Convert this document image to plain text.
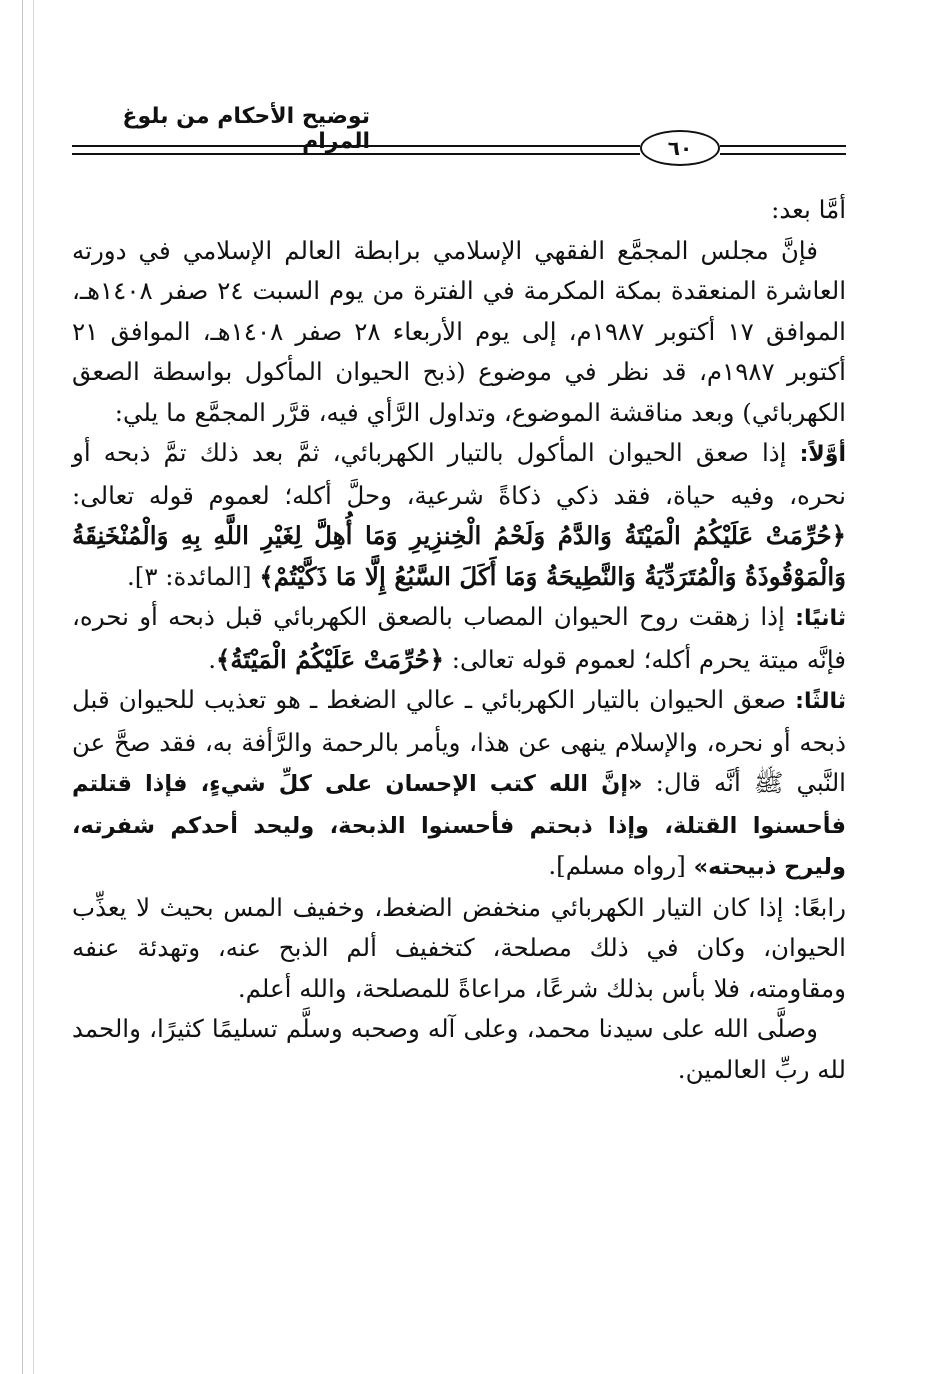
توضيح الأحكام من بلوغ المرام	٦٠

أمَّا بعد:

فإنَّ مجلس المجمَّع الفقهي الإسلامي برابطة العالم الإسلامي في دورته العاشرة المنعقدة بمكة المكرمة في الفترة من يوم السبت ٢٤ صفر ١٤٠٨هـ، الموافق ١٧ أكتوبر ١٩٨٧م، إلى يوم الأربعاء ٢٨ صفر ١٤٠٨هـ، الموافق ٢١ أكتوبر ١٩٨٧م، قد نظر في موضوع (ذبح الحيوان المأكول بواسطة الصعق الكهربائي) وبعد مناقشة الموضوع، وتداول الرَّأي فيه، قرَّر المجمَّع ما يلي:

أوَّلاً: إذا صعق الحيوان المأكول بالتيار الكهربائي، ثمَّ بعد ذلك تمَّ ذبحه أو نحره، وفيه حياة، فقد ذكي ذكاةً شرعية، وحلَّ أكله؛ لعموم قوله تعالى: ﴿حُرِّمَتْ عَلَيْكُمُ الْمَيْتَةُ وَالدَّمُ وَلَحْمُ الْخِنزِيرِ وَمَا أُهِلَّ لِغَيْرِ اللَّهِ بِهِ وَالْمُنْخَنِقَةُ وَالْمَوْقُوذَةُ وَالْمُتَرَدِّيَةُ وَالنَّطِيحَةُ وَمَا أَكَلَ السَّبُعُ إِلَّا مَا ذَكَّيْتُمْ﴾ [المائدة: ٣].

ثانيًا: إذا زهقت روح الحيوان المصاب بالصعق الكهربائي قبل ذبحه أو نحره، فإنَّه ميتة يحرم أكله؛ لعموم قوله تعالى: ﴿حُرِّمَتْ عَلَيْكُمُ الْمَيْتَةُ﴾.

ثالثًا: صعق الحيوان بالتيار الكهربائي ـ عالي الضغط ـ هو تعذيب للحيوان قبل ذبحه أو نحره، والإسلام ينهى عن هذا، ويأمر بالرحمة والرَّأفة به، فقد صحَّ عن النَّبي ﷺ أنَّه قال: «إنَّ الله كتب الإحسان على كلِّ شيءٍ، فإذا قتلتم فأحسنوا القتلة، وإذا ذبحتم فأحسنوا الذبحة، وليحد أحدكم شفرته، وليرح ذبيحته» [رواه مسلم].

رابعًا: إذا كان التيار الكهربائي منخفض الضغط، وخفيف المس بحيث لا يعذِّب الحيوان، وكان في ذلك مصلحة، كتخفيف ألم الذبح عنه، وتهدئة عنفه ومقاومته، فلا بأس بذلك شرعًا، مراعاةً للمصلحة، والله أعلم.

وصلَّى الله على سيدنا محمد، وعلى آله وصحبه وسلَّم تسليمًا كثيرًا، والحمد لله ربِّ العالمين.
